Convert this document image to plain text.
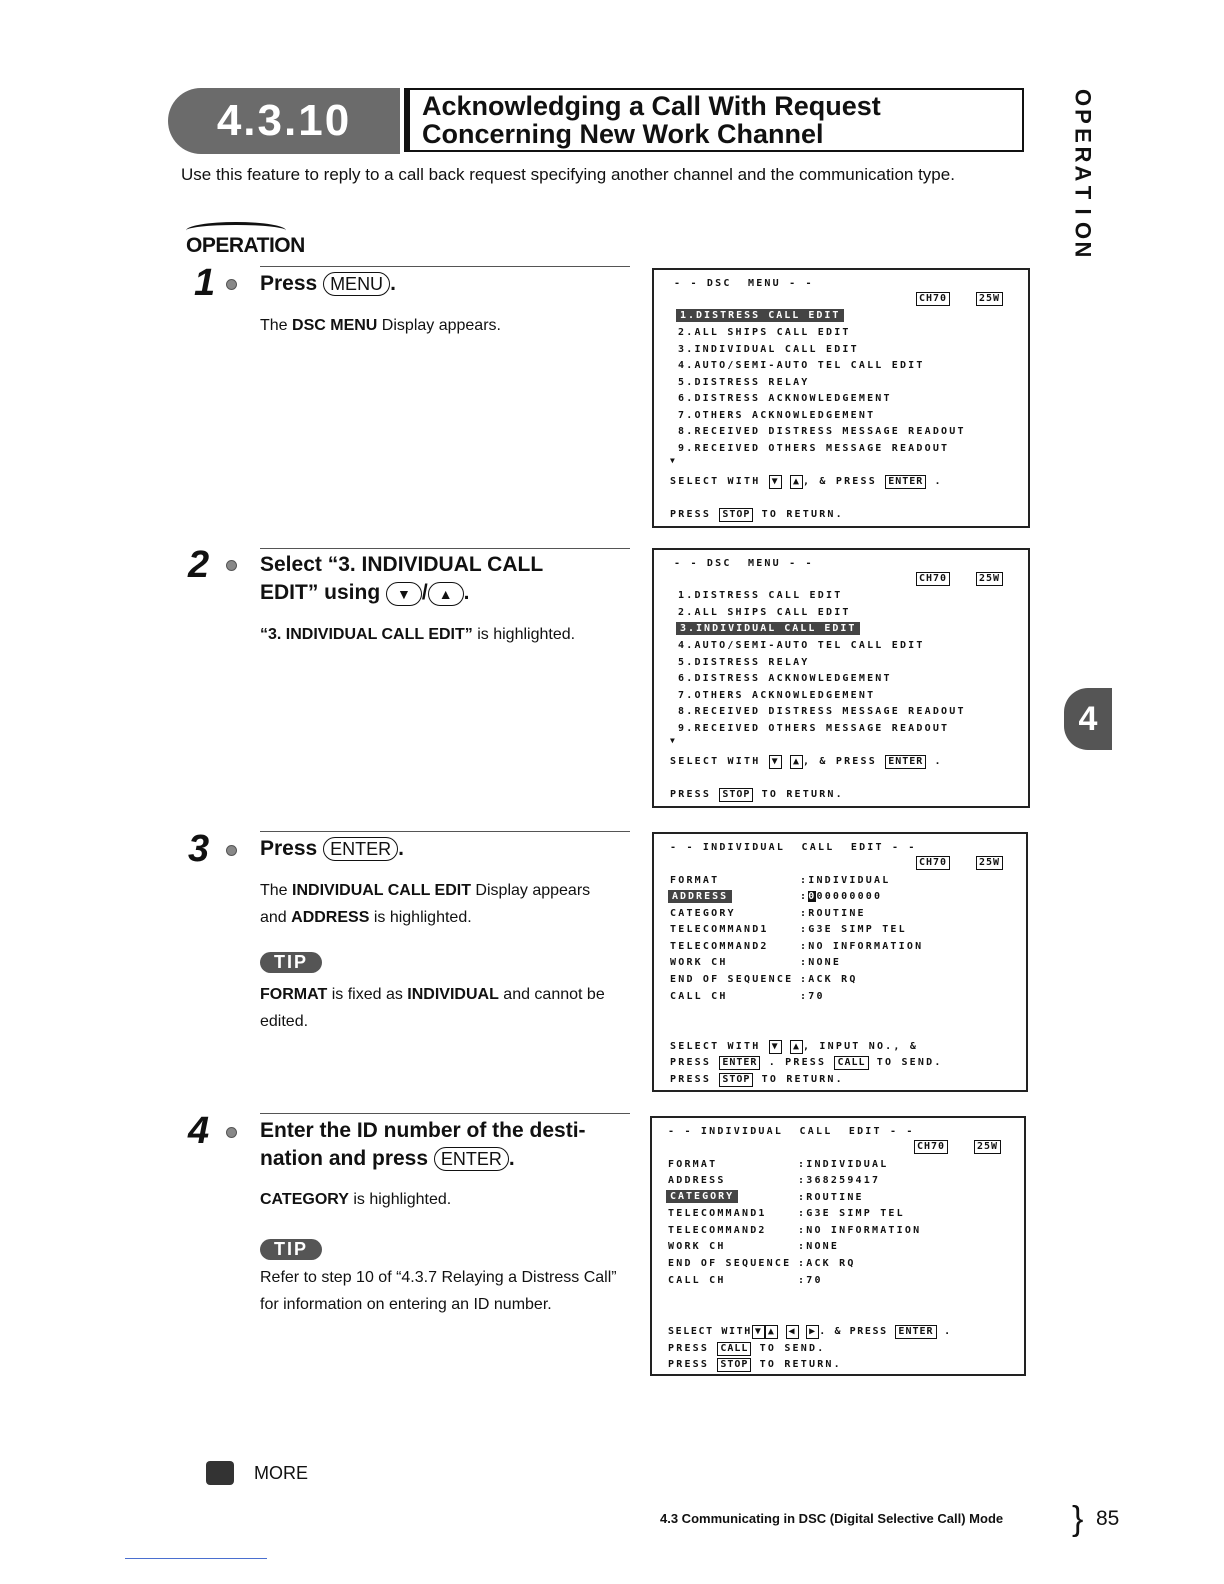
4.3.10	Acknowledging a Call With Request
Concerning New Work Channel
Use this feature to reply to a call back request specifying another channel and the communication type.
OPERATION
O
P
E
R
A
T
I
O
N
4
1 Press MENU .
The DSC MENU Display appears.
- - DSC  MENU - -
CH70	25W
1.DISTRESS CALL EDIT
2.ALL SHIPS CALL EDIT
3.INDIVIDUAL CALL EDIT
4.AUTO/SEMI-AUTO TEL CALL EDIT
5.DISTRESS RELAY
6.DISTRESS ACKNOWLEDGEMENT
7.OTHERS ACKNOWLEDGEMENT
8.RECEIVED DISTRESS MESSAGE READOUT
9.RECEIVED OTHERS MESSAGE READOUT
▼
SELECT WITH ▼ ▲ , & PRESS ENTER .
PRESS STOP TO RETURN.
2 Select “3. INDIVIDUAL CALL
EDIT” using ▼ / ▲ .
“3. INDIVIDUAL CALL EDIT” is highlighted.
- - DSC  MENU - -
CH70	25W
1.DISTRESS CALL EDIT
2.ALL SHIPS CALL EDIT
3.INDIVIDUAL CALL EDIT
4.AUTO/SEMI-AUTO TEL CALL EDIT
5.DISTRESS RELAY
6.DISTRESS ACKNOWLEDGEMENT
7.OTHERS ACKNOWLEDGEMENT
8.RECEIVED DISTRESS MESSAGE READOUT
9.RECEIVED OTHERS MESSAGE READOUT
▼
SELECT WITH ▼ ▲ , & PRESS ENTER .
PRESS STOP TO RETURN.
3 Press ENTER .
The INDIVIDUAL CALL EDIT Display appears
and ADDRESS is highlighted.
TIP
FORMAT is fixed as INDIVIDUAL and cannot be edited.
- - INDIVIDUAL  CALL  EDIT - -
CH70	25W
FORMAT	:INDIVIDUAL
ADDRESS	:000000000
CATEGORY	:ROUTINE
TELECOMMAND1	:G3E SIMP TEL
TELECOMMAND2	:NO INFORMATION
WORK CH	:NONE
END OF SEQUENCE :ACK RQ
CALL CH	:70
SELECT WITH ▼ ▲ , INPUT NO., &
PRESS ENTER . PRESS CALL TO SEND.
PRESS STOP TO RETURN.
4 Enter the ID number of the desti-
nation and press ENTER .
CATEGORY is highlighted.
TIP
Refer to step 10 of “4.3.7 Relaying a Distress Call” for information on entering an ID number.
- - INDIVIDUAL  CALL  EDIT - -
CH70	25W
FORMAT	:INDIVIDUAL
ADDRESS	:368259417
CATEGORY	:ROUTINE
TELECOMMAND1	:G3E SIMP TEL
TELECOMMAND2	:NO INFORMATION
WORK CH	:NONE
END OF SEQUENCE :ACK RQ
CALL CH	:70
SELECT WITH ▼ ▲ ◀ ▶ . & PRESS ENTER .
PRESS CALL TO SEND.
PRESS STOP TO RETURN.
MORE
4.3 Communicating in DSC (Digital Selective Call) Mode } 85
